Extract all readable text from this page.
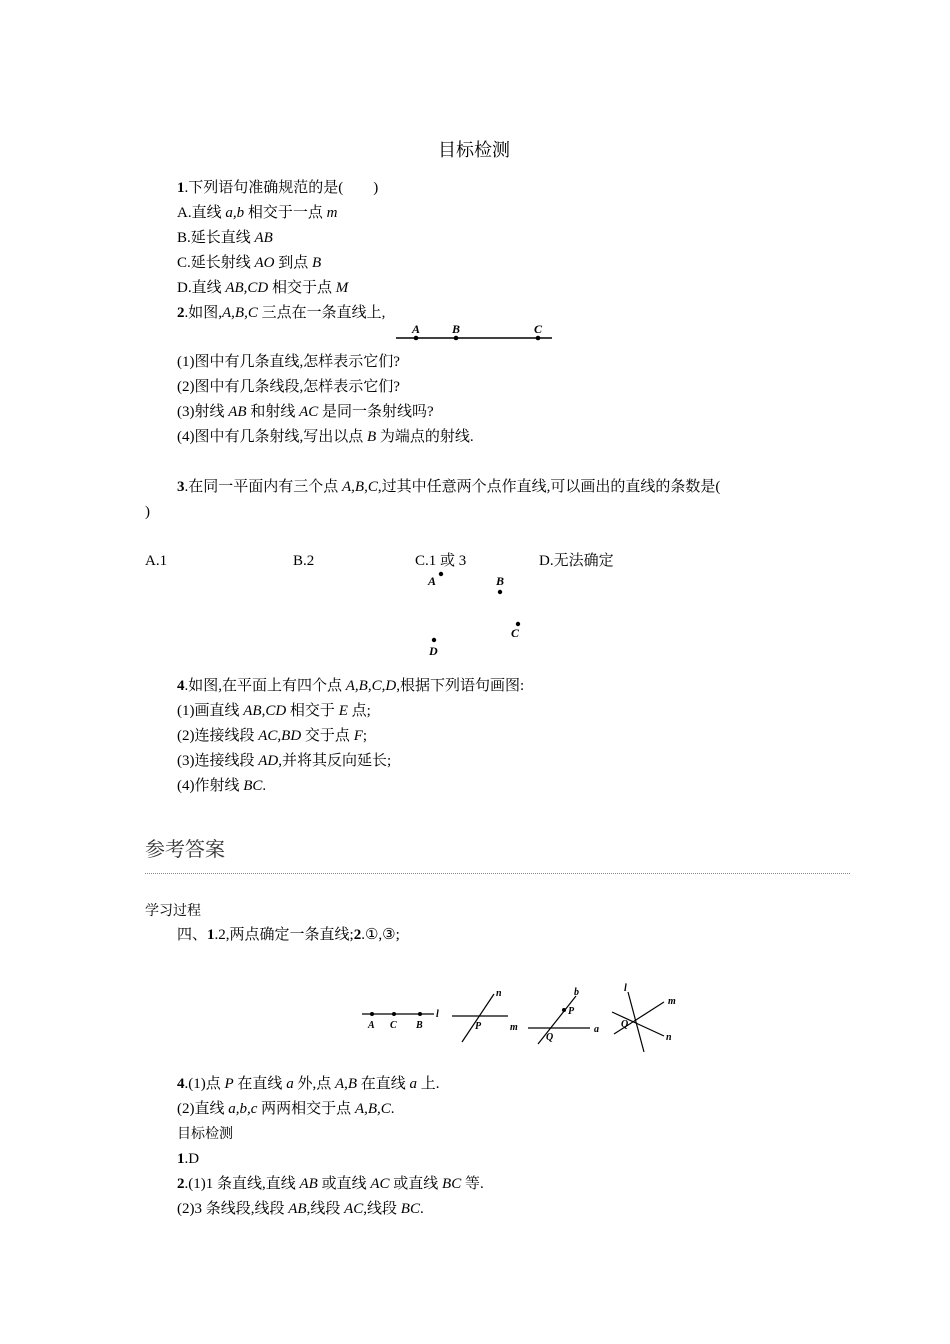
目标检测
1.下列语句准确规范的是(　　)
A.直线 a,b 相交于一点 m
B.延长直线 AB
C.延长射线 AO 到点 B
D.直线 AB,CD 相交于点 M
2.如图,A,B,C 三点在一条直线上,
A	B	C
(1)图中有几条直线,怎样表示它们?
(2)图中有几条线段,怎样表示它们?
(3)射线 AB 和射线 AC 是同一条射线吗?
(4)图中有几条射线,写出以点 B 为端点的射线.
3.在同一平面内有三个点 A,B,C,过其中任意两个点作直线,可以画出的直线的条数是(
)
A.1	B.2	C.1 或 3	D.无法确定
A	B
C
D
4.如图,在平面上有四个点 A,B,C,D,根据下列语句画图:
(1)画直线 AB,CD 相交于 E 点;
(2)连接线段 AC,BD 交于点 F;
(3)连接线段 AD,并将其反向延长;
(4)作射线 BC.
参考答案
学习过程
四、1.2,两点确定一条直线;2.①,③;
A C B
l
n
P	m
b
P
Q
a
l
m
Q
n
4.(1)点 P 在直线 a 外,点 A,B 在直线 a 上.
(2)直线 a,b,c 两两相交于点 A,B,C.
目标检测
1.D
2.(1)1 条直线,直线 AB 或直线 AC 或直线 BC 等.
(2)3 条线段,线段 AB,线段 AC,线段 BC.
